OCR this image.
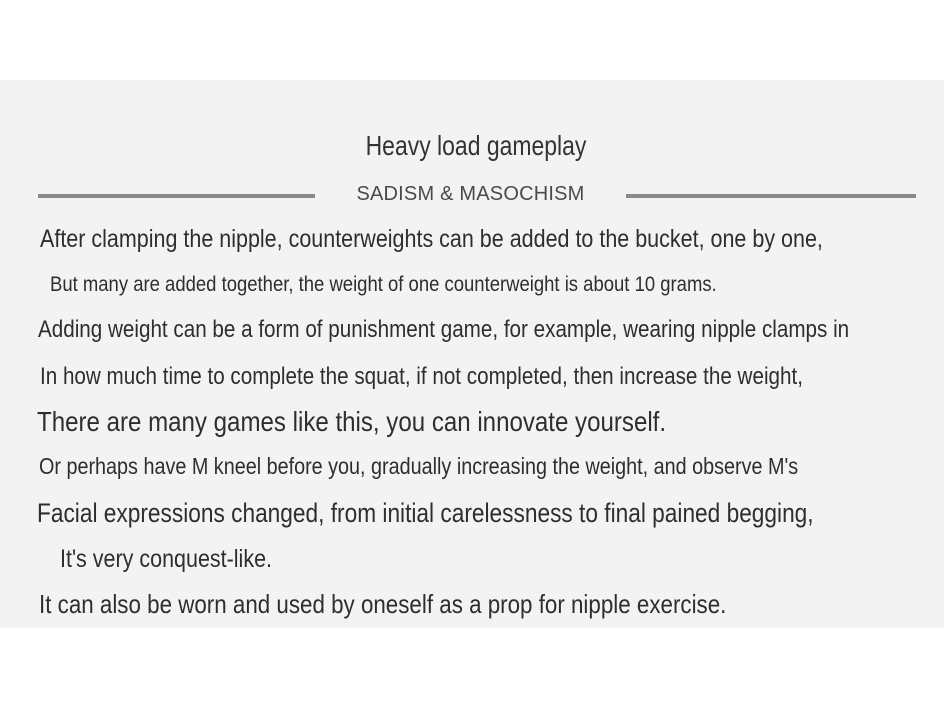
Heavy load gameplay
SADISM & MASOCHISM
After clamping the nipple, counterweights can be added to the bucket, one by one,
But many are added together, the weight of one counterweight is about 10 grams.
Adding weight can be a form of punishment game, for example, wearing nipple clamps in
In how much time to complete the squat, if not completed, then increase the weight,
There are many games like this, you can innovate yourself.
Or perhaps have M kneel before you, gradually increasing the weight, and observe M's
Facial expressions changed, from initial carelessness to final pained begging,
It's very conquest-like.
It can also be worn and used by oneself as a prop for nipple exercise.
